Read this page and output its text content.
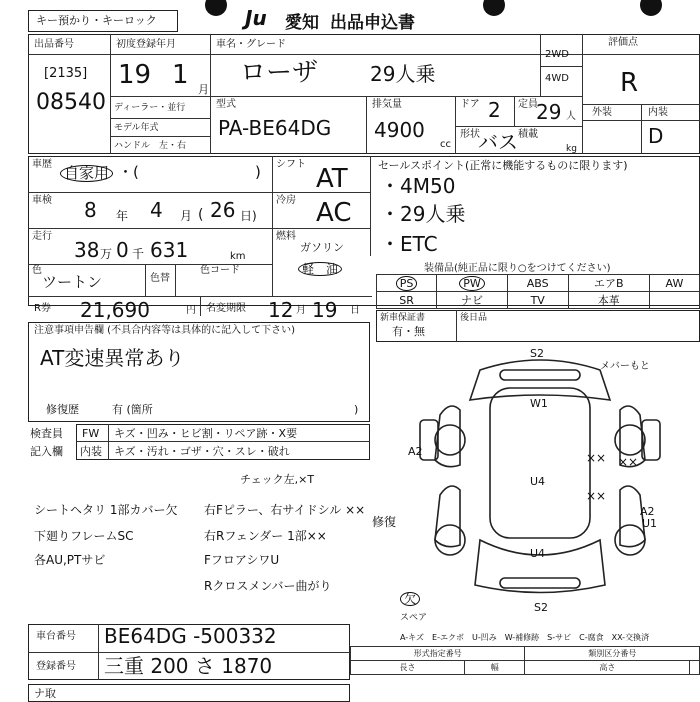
キー預かり・キーロック	Ju 愛知 出品申込書
出品番号
[2135]
08540
初度登録年月
19 1 月
車名・グレード
ローザ	29人乗
2WD
4WD
評価点
R
外装	内装
D
ディーラー・並行
モデル年式
ハンドル　左・右
型式
PA-BE64DG
排気量
4900
cc
ドア 2 定員
29 人
形状
バス 積載
kg
車歴 自家用 ・(	)
車検 8 年 4 月 ( 26 日)
走行
38 万 0 千 631	km
色
ツートン	色替
色コード
シフト AT
冷房 AC
燃料
ガソリン
軽　油
セールスポイント(正常に機能するものに限ります)
・4M50
・29人乗
・ETC
装備品(純正品に限り○をつけてください)
PS	PW	ABS	エアB	AW
SR	ナビ	TV	本革	
R券 21,690	円 名変期限 12 月 19 日
新車保証書
有・無
後日品
注意事項申告欄 (不具合内容等は具体的に記入して下さい)
AT変速異常あり
修復歴	有 (箇所	)
検査員
記入欄
FW キズ・凹み・ヒビ割・リペア跡・X要
内装 キズ・汚れ・ゴザ・穴・スレ・破れ
チェック左,×T
シートヘタリ 1部カバー欠
下廻りフレームSC
各AU,PTサビ
右Fピラー、右サイドシル ××
右Rフェンダー 1部××
FフロアシワU
Rクロスメンバー曲がり
修復
S2
メバーもと
W1
U4
U4
S2
A2
A2
U1
××
××
××
欠
スペア
A-キズ　E-エクボ　U-凹み　W-補修跡　S-サビ　C-腐食　XX-交換済
車台番号 BE64DG -500332
登録番号 三重 200 さ 1870
形式指定番号		類別区分番号	
長さ	幅	高さ	
ナ取
